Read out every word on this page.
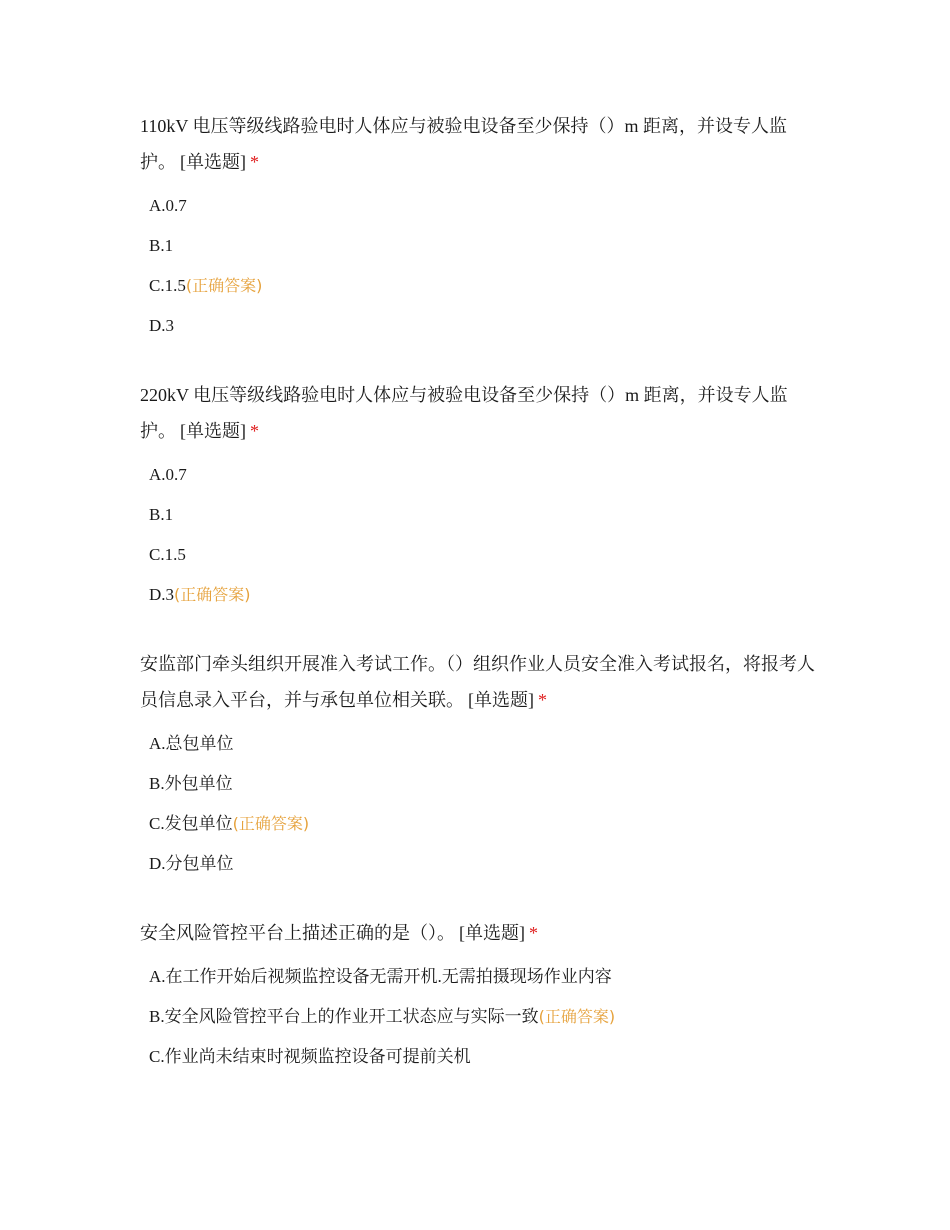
110kV 电压等级线路验电时人体应与被验电设备至少保持（）m 距离，并设专人监护。 [单选题] *

A.0.7
B.1
C.1.5(正确答案)
D.3

220kV 电压等级线路验电时人体应与被验电设备至少保持（）m 距离，并设专人监护。 [单选题] *

A.0.7
B.1
C.1.5
D.3(正确答案)

安监部门牵头组织开展准入考试工作。（）组织作业人员安全准入考试报名，将报考人员信息录入平台，并与承包单位相关联。 [单选题] *

A.总包单位
B.外包单位
C.发包单位(正确答案)
D.分包单位

安全风险管控平台上描述正确的是（）。 [单选题] *

A.在工作开始后视频监控设备无需开机.无需拍摄现场作业内容
B.安全风险管控平台上的作业开工状态应与实际一致(正确答案)
C.作业尚未结束时视频监控设备可提前关机
